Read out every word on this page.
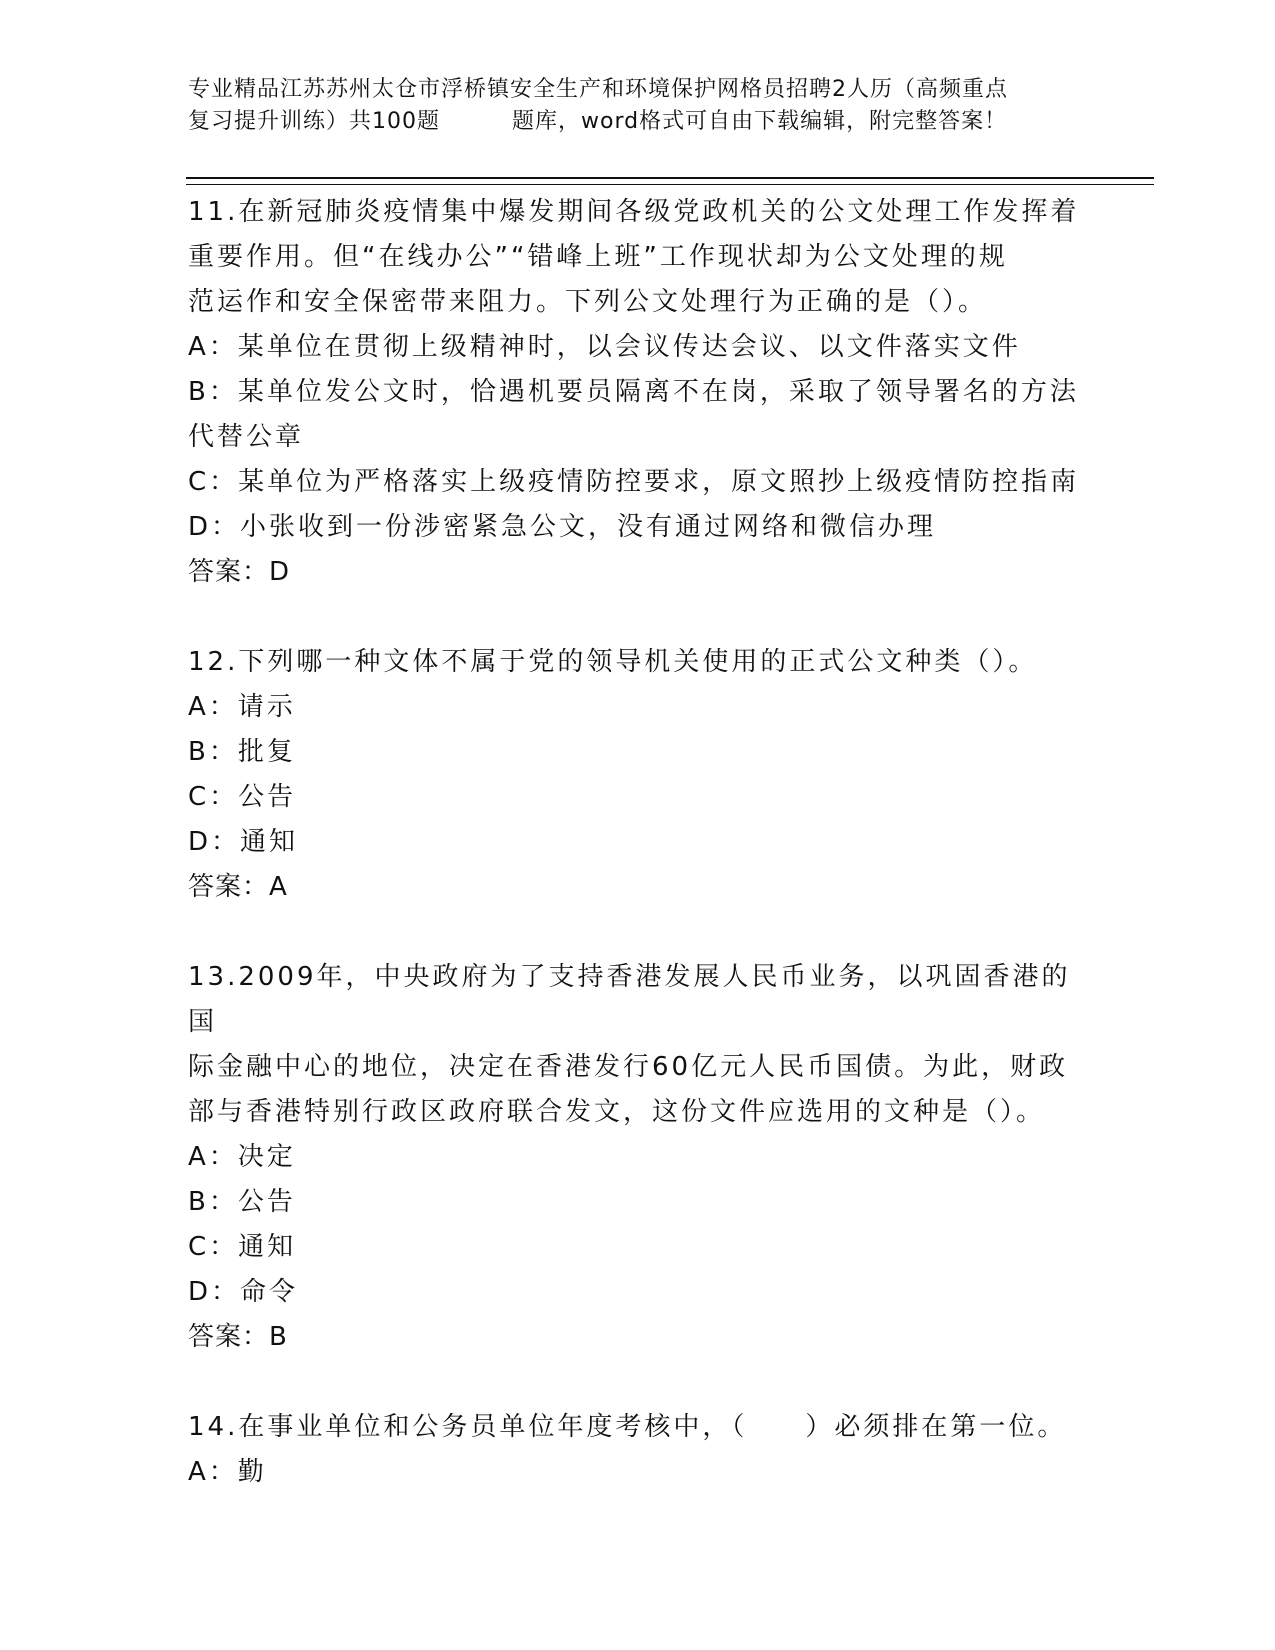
专业精品江苏苏州太仓市浮桥镇安全生产和环境保护网格员招聘2人历（高频重点
复习提升训练）共100题	题库，word格式可自由下载编辑，附完整答案！

11.在新冠肺炎疫情集中爆发期间各级党政机关的公文处理工作发挥着

重要作用。但“在线办公”“错峰上班”工作现状却为公文处理的规

范运作和安全保密带来阻力。下列公文处理行为正确的是（）。

A：某单位在贯彻上级精神时，以会议传达会议、以文件落实文件

B：某单位发公文时，恰遇机要员隔离不在岗，采取了领导署名的方法

代替公章

C：某单位为严格落实上级疫情防控要求，原文照抄上级疫情防控指南

D：小张收到一份涉密紧急公文，没有通过网络和微信办理

答案：D

12.下列哪一种文体不属于党的领导机关使用的正式公文种类（）。

A：请示

B：批复

C：公告

D：通知

答案：A

13.2009年，中央政府为了支持香港发展人民币业务，以巩固香港的国

际金融中心的地位，决定在香港发行60亿元人民币国债。为此，财政

部与香港特别行政区政府联合发文，这份文件应选用的文种是（）。

A：决定

B：公告

C：通知

D：命令

答案：B

14.在事业单位和公务员单位年度考核中，（　　）必须排在第一位。

A：勤
